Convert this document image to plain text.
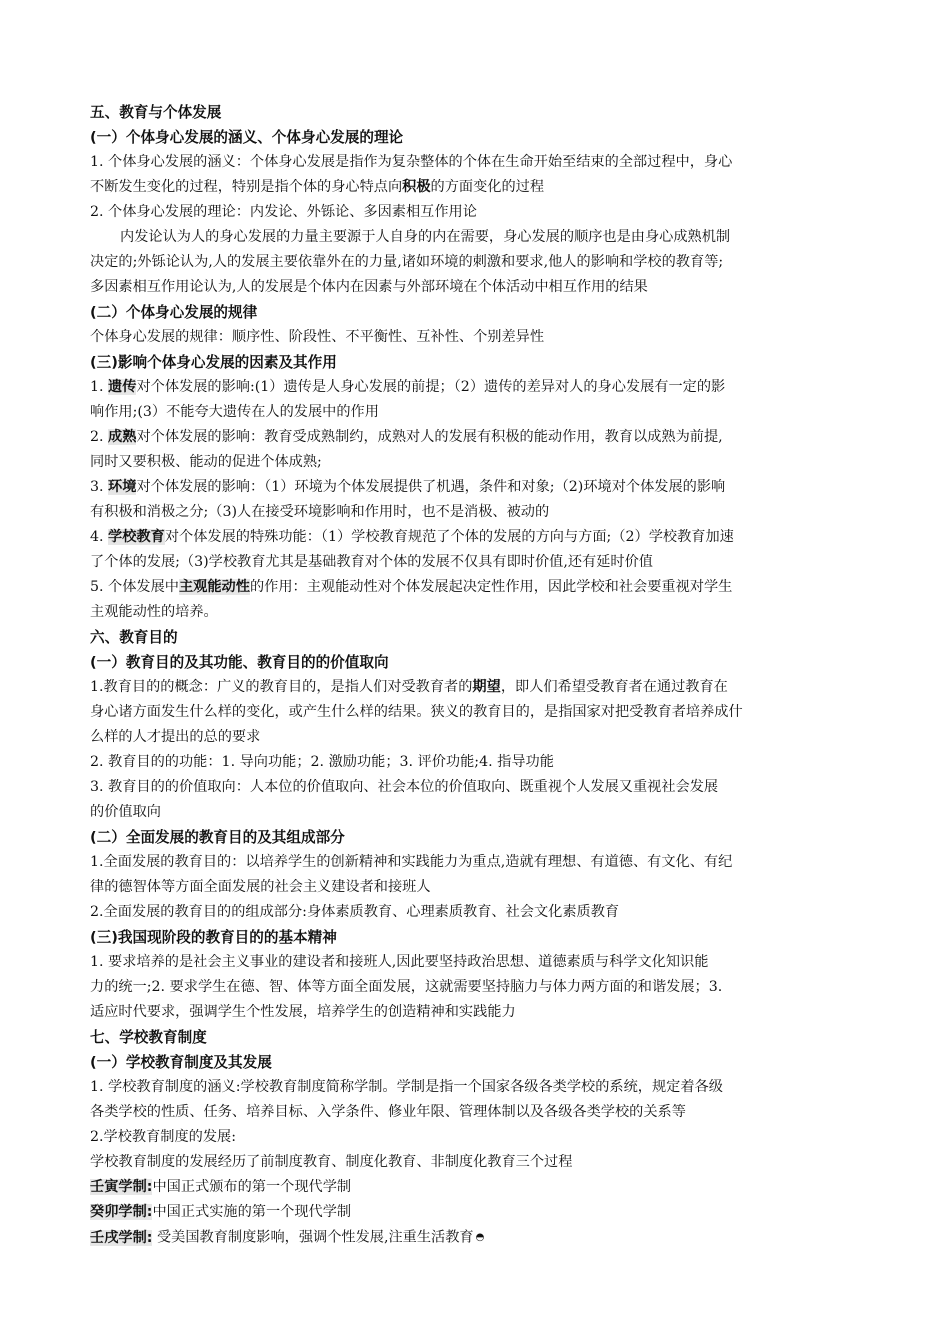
五、教育与个体发展
(一）个体身心发展的涵义、个体身心发展的理论
1. 个体身心发展的涵义：个体身心发展是指作为复杂整体的个体在生命开始至结束的全部过程中，身心
不断发生变化的过程，特别是指个体的身心特点向积极的方面变化的过程
2. 个体身心发展的理论：内发论、外铄论、多因素相互作用论
内发论认为人的身心发展的力量主要源于人自身的内在需要，身心发展的顺序也是由身心成熟机制
决定的;外铄论认为,人的发展主要依靠外在的力量,诸如环境的刺激和要求,他人的影响和学校的教育等;
多因素相互作用论认为,人的发展是个体内在因素与外部环境在个体活动中相互作用的结果
(二）个体身心发展的规律
个体身心发展的规律：顺序性、阶段性、不平衡性、互补性、个别差异性
(三)影响个体身心发展的因素及其作用
1. 遗传对个体发展的影响:(1）遗传是人身心发展的前提；（2）遗传的差异对人的身心发展有一定的影
响作用;(3）不能夸大遗传在人的发展中的作用
2. 成熟对个体发展的影响：教育受成熟制约，成熟对人的发展有积极的能动作用，教育以成熟为前提,
同时又要积极、能动的促进个体成熟;
3. 环境对个体发展的影响：（1）环境为个体发展提供了机遇，条件和对象;（2)环境对个体发展的影响
有积极和消极之分;（3)人在接受环境影响和作用时，也不是消极、被动的
4. 学校教育对个体发展的特殊功能：（1）学校教育规范了个体的发展的方向与方面;（2）学校教育加速
了个体的发展;（3)学校教育尤其是基础教育对个体的发展不仅具有即时价值,还有延时价值
5. 个体发展中主观能动性的作用：主观能动性对个体发展起决定性作用，因此学校和社会要重视对学生
主观能动性的培养。
六、教育目的
(一）教育目的及其功能、教育目的的价值取向
1.教育目的的概念：广义的教育目的，是指人们对受教育者的期望，即人们希望受教育者在通过教育在
身心诸方面发生什么样的变化，或产生什么样的结果。狭义的教育目的，是指国家对把受教育者培养成什
么样的人才提出的总的要求
2. 教育目的的功能：1. 导向功能；2. 激励功能；3. 评价功能;4. 指导功能
3. 教育目的的价值取向：人本位的价值取向、社会本位的价值取向、既重视个人发展又重视社会发展
的价值取向
(二）全面发展的教育目的及其组成部分
1.全面发展的教育目的：以培养学生的创新精神和实践能力为重点,造就有理想、有道德、有文化、有纪
律的德智体等方面全面发展的社会主义建设者和接班人
2.全面发展的教育目的的组成部分:身体素质教育、心理素质教育、社会文化素质教育
(三)我国现阶段的教育目的的基本精神
1. 要求培养的是社会主义事业的建设者和接班人,因此要坚持政治思想、道德素质与科学文化知识能
力的统一;2. 要求学生在德、智、体等方面全面发展，这就需要坚持脑力与体力两方面的和谐发展；3.
适应时代要求，强调学生个性发展，培养学生的创造精神和实践能力
七、学校教育制度
(一）学校教育制度及其发展
1. 学校教育制度的涵义:学校教育制度简称学制。学制是指一个国家各级各类学校的系统，规定着各级
各类学校的性质、任务、培养目标、入学条件、修业年限、管理体制以及各级各类学校的关系等
2.学校教育制度的发展:
学校教育制度的发展经历了前制度教育、制度化教育、非制度化教育三个过程
壬寅学制:中国正式颁布的第一个现代学制
癸卯学制:中国正式实施的第一个现代学制
壬戌学制: 受美国教育制度影响，强调个性发展,注重生活教育 ◓
